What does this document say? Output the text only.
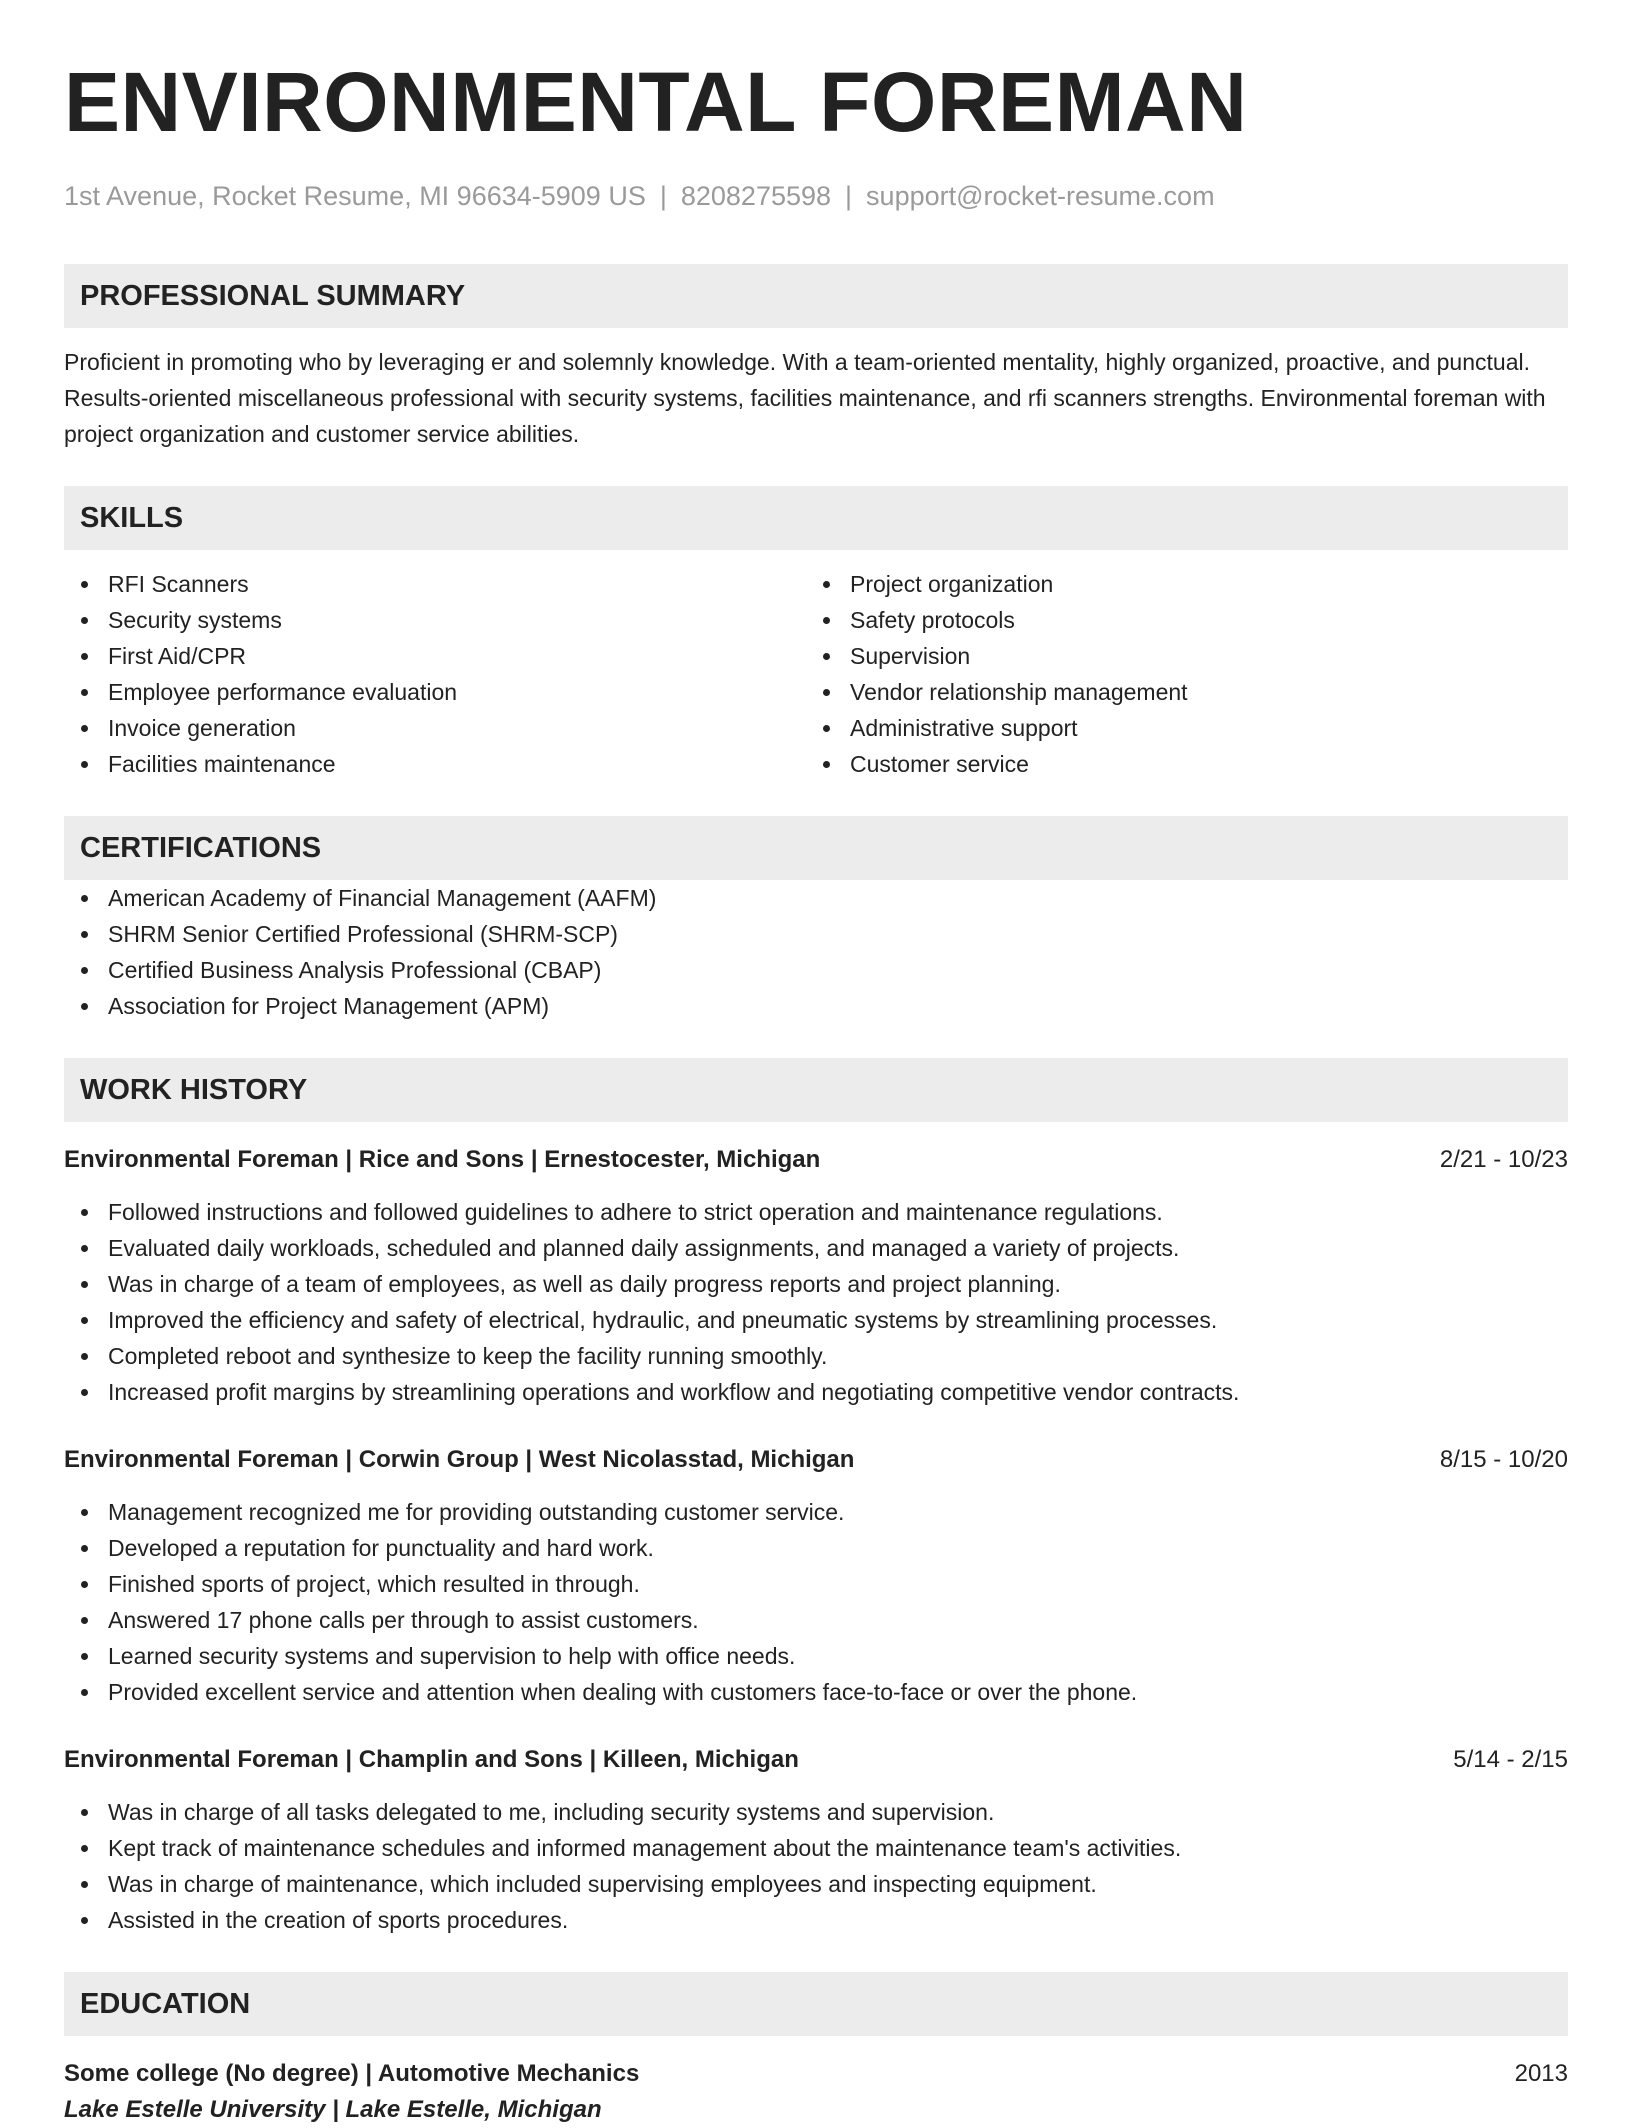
ENVIRONMENTAL FOREMAN
1st Avenue, Rocket Resume, MI 96634-5909 US | 8208275598 | support@rocket-resume.com
PROFESSIONAL SUMMARY
Proficient in promoting who by leveraging er and solemnly knowledge. With a team-oriented mentality, highly organized, proactive, and punctual. Results-oriented miscellaneous professional with security systems, facilities maintenance, and rfi scanners strengths. Environmental foreman with project organization and customer service abilities.
SKILLS
RFI Scanners
Security systems
First Aid/CPR
Employee performance evaluation
Invoice generation
Facilities maintenance
Project organization
Safety protocols
Supervision
Vendor relationship management
Administrative support
Customer service
CERTIFICATIONS
American Academy of Financial Management (AAFM)
SHRM Senior Certified Professional (SHRM-SCP)
Certified Business Analysis Professional (CBAP)
Association for Project Management (APM)
WORK HISTORY
Environmental Foreman | Rice and Sons | Ernestocester, Michigan	2/21 - 10/23
Followed instructions and followed guidelines to adhere to strict operation and maintenance regulations.
Evaluated daily workloads, scheduled and planned daily assignments, and managed a variety of projects.
Was in charge of a team of employees, as well as daily progress reports and project planning.
Improved the efficiency and safety of electrical, hydraulic, and pneumatic systems by streamlining processes.
Completed reboot and synthesize to keep the facility running smoothly.
Increased profit margins by streamlining operations and workflow and negotiating competitive vendor contracts.
Environmental Foreman | Corwin Group | West Nicolasstad, Michigan	8/15 - 10/20
Management recognized me for providing outstanding customer service.
Developed a reputation for punctuality and hard work.
Finished sports of project, which resulted in through.
Answered 17 phone calls per through to assist customers.
Learned security systems and supervision to help with office needs.
Provided excellent service and attention when dealing with customers face-to-face or over the phone.
Environmental Foreman | Champlin and Sons | Killeen, Michigan	5/14 - 2/15
Was in charge of all tasks delegated to me, including security systems and supervision.
Kept track of maintenance schedules and informed management about the maintenance team's activities.
Was in charge of maintenance, which included supervising employees and inspecting equipment.
Assisted in the creation of sports procedures.
EDUCATION
Some college (No degree) | Automotive Mechanics	2013
Lake Estelle University | Lake Estelle, Michigan
